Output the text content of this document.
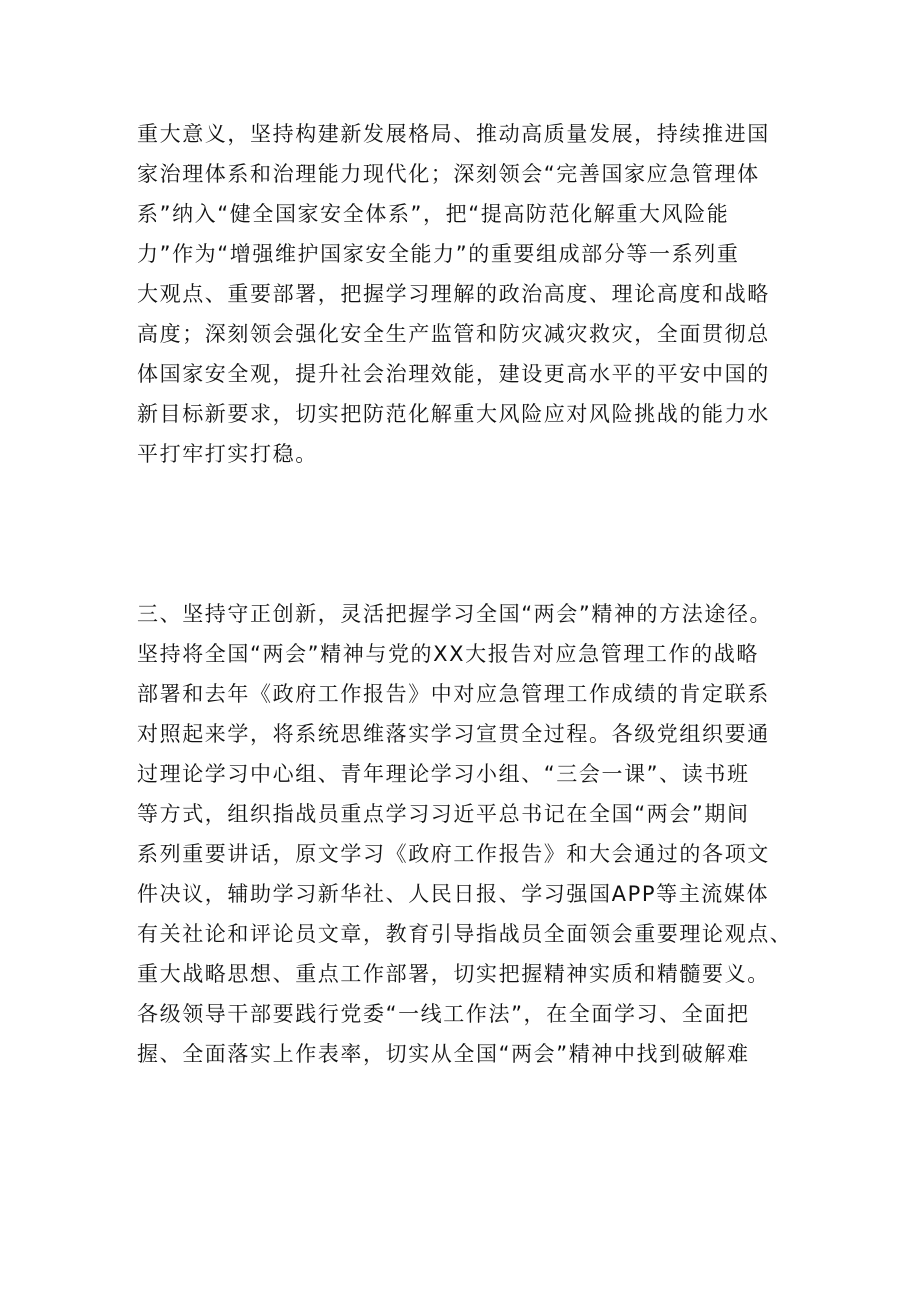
重大意义，坚持构建新发展格局、推动高质量发展，持续推进国
家治理体系和治理能力现代化；深刻领会“完善国家应急管理体
系”纳入“健全国家安全体系”，把“提高防范化解重大风险能
力”作为“增强维护国家安全能力”的重要组成部分等一系列重
大观点、重要部署，把握学习理解的政治高度、理论高度和战略
高度；深刻领会强化安全生产监管和防灾减灾救灾，全面贯彻总
体国家安全观，提升社会治理效能，建设更高水平的平安中国的
新目标新要求，切实把防范化解重大风险应对风险挑战的能力水
平打牢打实打稳。
三、坚持守正创新，灵活把握学习全国“两会”精神的方法途径。
坚持将全国“两会”精神与党的XX大报告对应急管理工作的战略
部署和去年《政府工作报告》中对应急管理工作成绩的肯定联系
对照起来学，将系统思维落实学习宣贯全过程。各级党组织要通
过理论学习中心组、青年理论学习小组、“三会一课”、读书班
等方式，组织指战员重点学习习近平总书记在全国“两会”期间
系列重要讲话，原文学习《政府工作报告》和大会通过的各项文
件决议，辅助学习新华社、人民日报、学习强国APP等主流媒体
有关社论和评论员文章，教育引导指战员全面领会重要理论观点、
重大战略思想、重点工作部署，切实把握精神实质和精髓要义。
各级领导干部要践行党委“一线工作法”，在全面学习、全面把
握、全面落实上作表率，切实从全国“两会”精神中找到破解难
